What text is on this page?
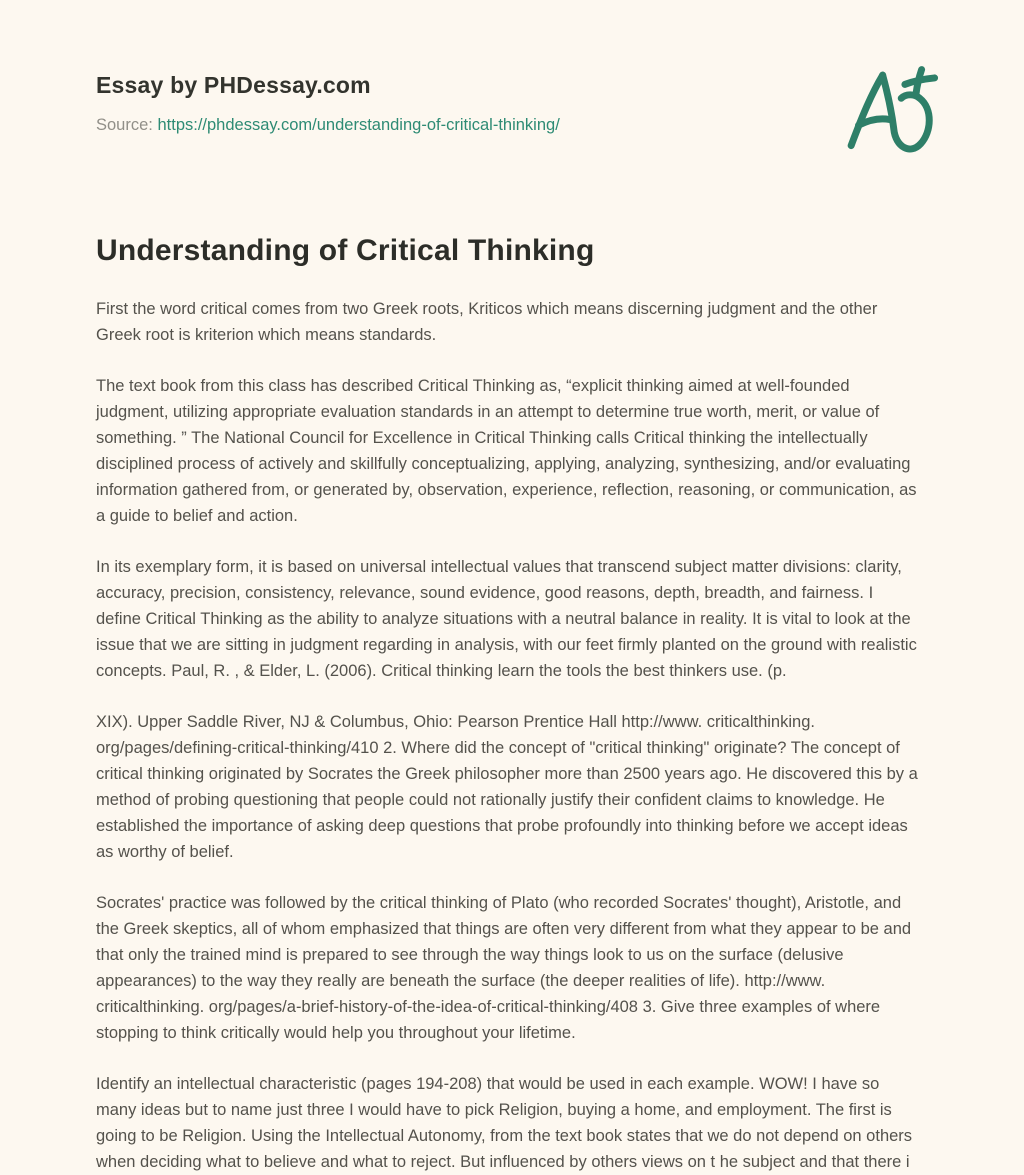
Essay by PHDessay.com
Source: https://phdessay.com/understanding-of-critical-thinking/
Understanding of Critical Thinking

First the word critical comes from two Greek roots, Kriticos which means discerning judgment and the other Greek root is kriterion which means standards.

The text book from this class has described Critical Thinking as, “explicit thinking aimed at well-founded judgment, utilizing appropriate evaluation standards in an attempt to determine true worth, merit, or value of something. ” The National Council for Excellence in Critical Thinking calls Critical thinking the intellectually disciplined process of actively and skillfully conceptualizing, applying, analyzing, synthesizing, and/or evaluating information gathered from, or generated by, observation, experience, reflection, reasoning, or communication, as a guide to belief and action.

In its exemplary form, it is based on universal intellectual values that transcend subject matter divisions: clarity, accuracy, precision, consistency, relevance, sound evidence, good reasons, depth, breadth, and fairness. I define Critical Thinking as the ability to analyze situations with a neutral balance in reality. It is vital to look at the issue that we are sitting in judgment regarding in analysis, with our feet firmly planted on the ground with realistic concepts. Paul, R. , & Elder, L. (2006). Critical thinking learn the tools the best thinkers use. (p.

XIX). Upper Saddle River, NJ & Columbus, Ohio: Pearson Prentice Hall http://www. criticalthinking. org/pages/defining-critical-thinking/410 2. Where did the concept of "critical thinking" originate? The concept of critical thinking originated by Socrates the Greek philosopher more than 2500 years ago. He discovered this by a method of probing questioning that people could not rationally justify their confident claims to knowledge. He established the importance of asking deep questions that probe profoundly into thinking before we accept ideas as worthy of belief.

Socrates' practice was followed by the critical thinking of Plato (who recorded Socrates' thought), Aristotle, and the Greek skeptics, all of whom emphasized that things are often very different from what they appear to be and that only the trained mind is prepared to see through the way things look to us on the surface (delusive appearances) to the way they really are beneath the surface (the deeper realities of life). http://www. criticalthinking. org/pages/a-brief-history-of-the-idea-of-critical-thinking/408 3. Give three examples of where stopping to think critically would help you throughout your lifetime.

Identify an intellectual characteristic (pages 194-208) that would be used in each example. WOW! I have so many ideas but to name just three I would have to pick Religion, buying a home, and employment. The first is going to be Religion. Using the Intellectual Autonomy, from the text book states that we do not depend on others when deciding what to believe and what to reject. But influenced by others views on t he subject and that there i
